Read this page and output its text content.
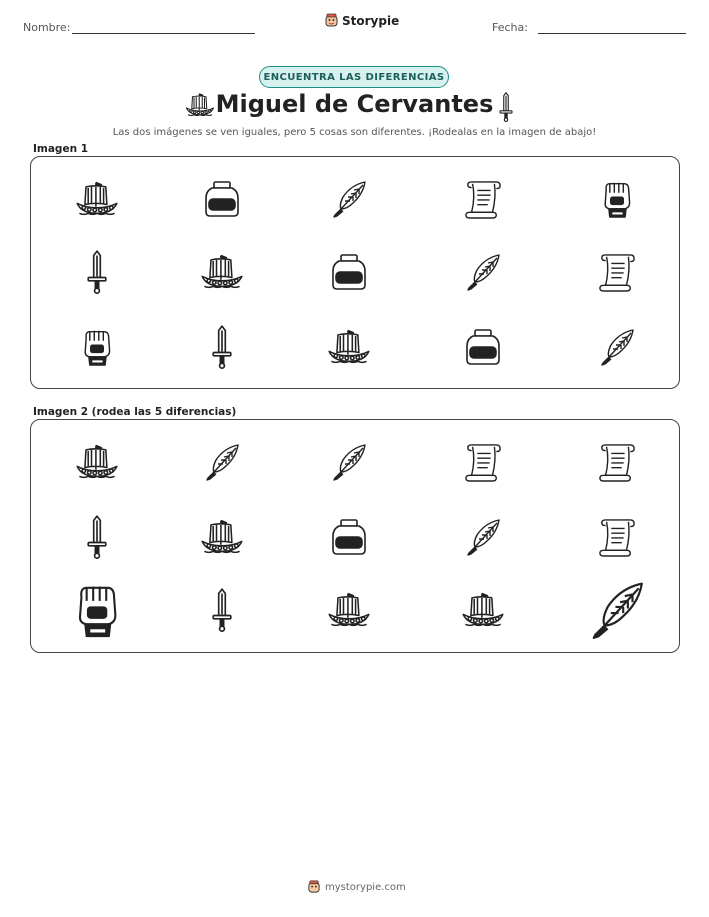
Nombre:	Storypie	Fecha:
ENCUENTRA LAS DIFERENCIAS
Miguel de Cervantes
Las dos imágenes se ven iguales, pero 5 cosas son diferentes. ¡Rodealas en la imagen de abajo!
Imagen 1
Imagen 2 (rodea las 5 diferencias)
mystorypie.com
